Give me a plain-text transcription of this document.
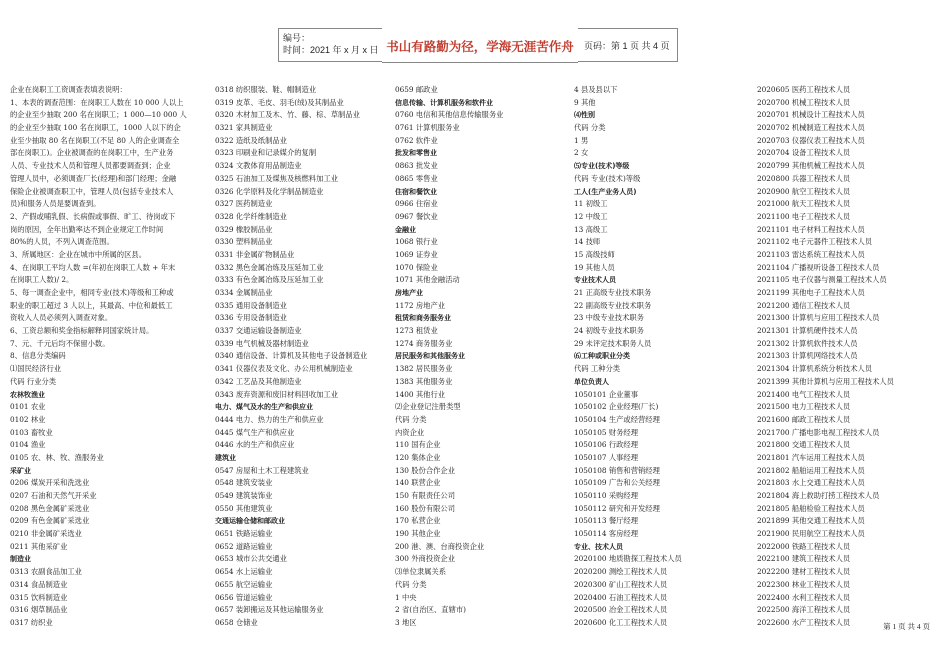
编号：
时间：2021 年 x 月 x 日 书山有路勤为径，学海无涯苦作舟	页码：第 1 页 共 4 页
企业在岗职工工资调查表填表说明：
1、本表的调查范围：在岗职工人数在 10 000 人以上
的企业至少抽取 200 名在岗职工；1 000—10 000 人
的企业至少抽取 100 名在岗职工，1000 人以下的企
业至少抽取 80 名在岗职工(不足 80 人的企业调查全
部在岗职工)。企业被调查的在岗职工中，生产业务
人员、专业技术人员和管理人员都要调查到；企业
管理人员中，必须调查厂长(经理)和部门经理；金融
保险企业被调查职工中，管理人员(包括专业技术人
员)和服务人员是要调查到。
2、产假或哺乳假、长病假或事假、旷工、待岗或下
岗的原因，全年出勤率达不到企业规定工作时间
80%的人员，不列入调查范围。
3、所属地区：企业在城市中所属的区县。
4、在岗职工平均人数 =(年初在岗职工人数 + 年末
在岗职工人数)/ 2。
5、每一调查企业中，相同专业(技术)等级和工种或
职业的职工超过 3 人以上，其最高、中位和最低工
资收入人员必须列入调查对象。
6、工资总额和奖金指标解释同国家统计局。
7、元、千元后均不保留小数。
8、信息分类编码
⑴国民经济行业
代码 行业分类
农林牧渔业
0101 农业
0102 林业
0103 畜牧业
0104 渔业
0105 农、林、牧、渔服务业
采矿业
0206 煤炭开采和洗选业
0207 石油和天然气开采业
0208 黑色金属矿采选业
0209 有色金属矿采选业
0210 非金属矿采选业
0211 其他采矿业
制造业
0313 农副食品加工业
0314 食品制造业
0315 饮料制造业
0316 烟草制品业
0317 纺织业
0318 纺织服装、鞋、帽制造业
0319 皮革、毛皮、羽毛(绒)及其制品业
0320 木材加工及木、竹、藤、棕、草制品业
0321 家具制造业
0322 造纸及纸制品业
0323 印刷业和记录媒介的复制
0324 文教体育用品制造业
0325 石油加工及煤焦及核燃料加工业
0326 化学原料及化学制品制造业
0327 医药制造业
0328 化学纤维制造业
0329 橡胶制品业
0330 塑料制品业
0331 非金属矿物制品业
0332 黑色金属冶炼及压延加工业
0333 有色金属冶炼及压延加工业
0334 金属制品业
0335 通用设备制造业
0336 专用设备制造业
0337 交通运输设备制造业
0339 电气机械及器材制造业
0340 通信设备、计算机及其他电子设备制造业
0341 仪器仪表及文化、办公用机械制造业
0342 工艺品及其他制造业
0343 废弃资源和废旧材料回收加工业
电力、煤气及水的生产和供应业
0444 电力、热力的生产和供应业
0445 煤气生产和供应业
0446 水的生产和供应业
建筑业
0547 房屋和土木工程建筑业
0548 建筑安装业
0549 建筑装饰业
0550 其他建筑业
交通运输仓储和邮政业
0651 铁路运输业
0652 道路运输业
0653 城市公共交通业
0654 水上运输业
0655 航空运输业
0656 管道运输业
0657 装卸搬运及其他运输服务业
0658 仓储业
0659 邮政业
信息传输、计算机服务和软件业
0760 电信和其他信息传输服务业
0761 计算机服务业
0762 软件业
批发和零售业
0863 批发业
0865 零售业
住宿和餐饮业
0966 住宿业
0967 餐饮业
金融业
1068 银行业
1069 证券业
1070 保险业
1071 其他金融活动
房地产业
1172 房地产业
租赁和商务服务业
1273 租赁业
1274 商务服务业
居民服务和其他服务业
1382 居民服务业
1383 其他服务业
1400 其他行业
⑵企业登记注册类型
代码 分类
内资企业
110 国有企业
120 集体企业
130 股份合作企业
140 联营企业
150 有限责任公司
160 股份有限公司
170 私营企业
190 其他企业
200 港、澳、台商投资企业
300 外商投资企业
⑶单位隶属关系
代码 分类
1 中央
2 省(自治区、直辖市)
3 地区
4 县及县以下
9 其他
⑷性别
代码 分类
1 男
2 女
⑸专业(技术)等级
代码 专业(技术)等级
工人(生产业务人员)
11 初级工
12 中级工
13 高级工
14 技师
15 高级技师
19 其他人员
专业技术人员
21 正高级专业技术职务
22 副高级专业技术职务
23 中级专业技术职务
24 初级专业技术职务
29 未评定技术职务人员
⑹工种或职业分类
代码 工种分类
单位负责人
1050101 企业董事
1050102 企业经理(厂长)
1050104 生产或经营经理
1050105 财务经理
1050106 行政经理
1050107 人事经理
1050108 销售和营销经理
1050109 广告和公关经理
1050110 采购经理
1050112 研究和开发经理
1050113 餐厅经理
1050114 客房经理
专业、技术人员
2020100 地质勘探工程技术人员
2020200 测绘工程技术人员
2020300 矿山工程技术人员
2020400 石油工程技术人员
2020500 冶金工程技术人员
2020600 化工工程技术人员
2020605 医药工程技术人员
2020700 机械工程技术人员
2020701 机械设计工程技术人员
2020702 机械制造工程技术人员
2020703 仪器仪表工程技术人员
2020704 设备工程技术人员
2020799 其他机械工程技术人员
2020800 兵器工程技术人员
2020900 航空工程技术人员
2021000 航天工程技术人员
2021100 电子工程技术人员
2021101 电子材料工程技术人员
2021102 电子元器件工程技术人员
2021103 雷达系统工程技术人员
2021104 广播视听设备工程技术人员
2021105 电子仪器与测量工程技术人员
2021199 其他电子工程技术人员
2021200 通信工程技术人员
2021300 计算机与应用工程技术人员
2021301 计算机硬件技术人员
2021302 计算机软件技术人员
2021303 计算机网络技术人员
2021304 计算机系统分析技术人员
2021399 其他计算机与应用工程技术人员
2021400 电气工程技术人员
2021500 电力工程技术人员
2021600 邮政工程技术人员
2021700 广播电影电视工程技术人员
2021800 交通工程技术人员
2021801 汽车运用工程技术人员
2021802 船舶运用工程技术人员
2021803 水上交通工程技术人员
2021804 海上救助打捞工程技术人员
2021805 船舶检验工程技术人员
2021899 其他交通工程技术人员
2021900 民用航空工程技术人员
2022000 铁路工程技术人员
2022100 建筑工程技术人员
2022200 建材工程技术人员
2022300 林业工程技术人员
2022400 水利工程技术人员
2022500 海洋工程技术人员
2022600 水产工程技术人员	第 1 页 共 4 页
